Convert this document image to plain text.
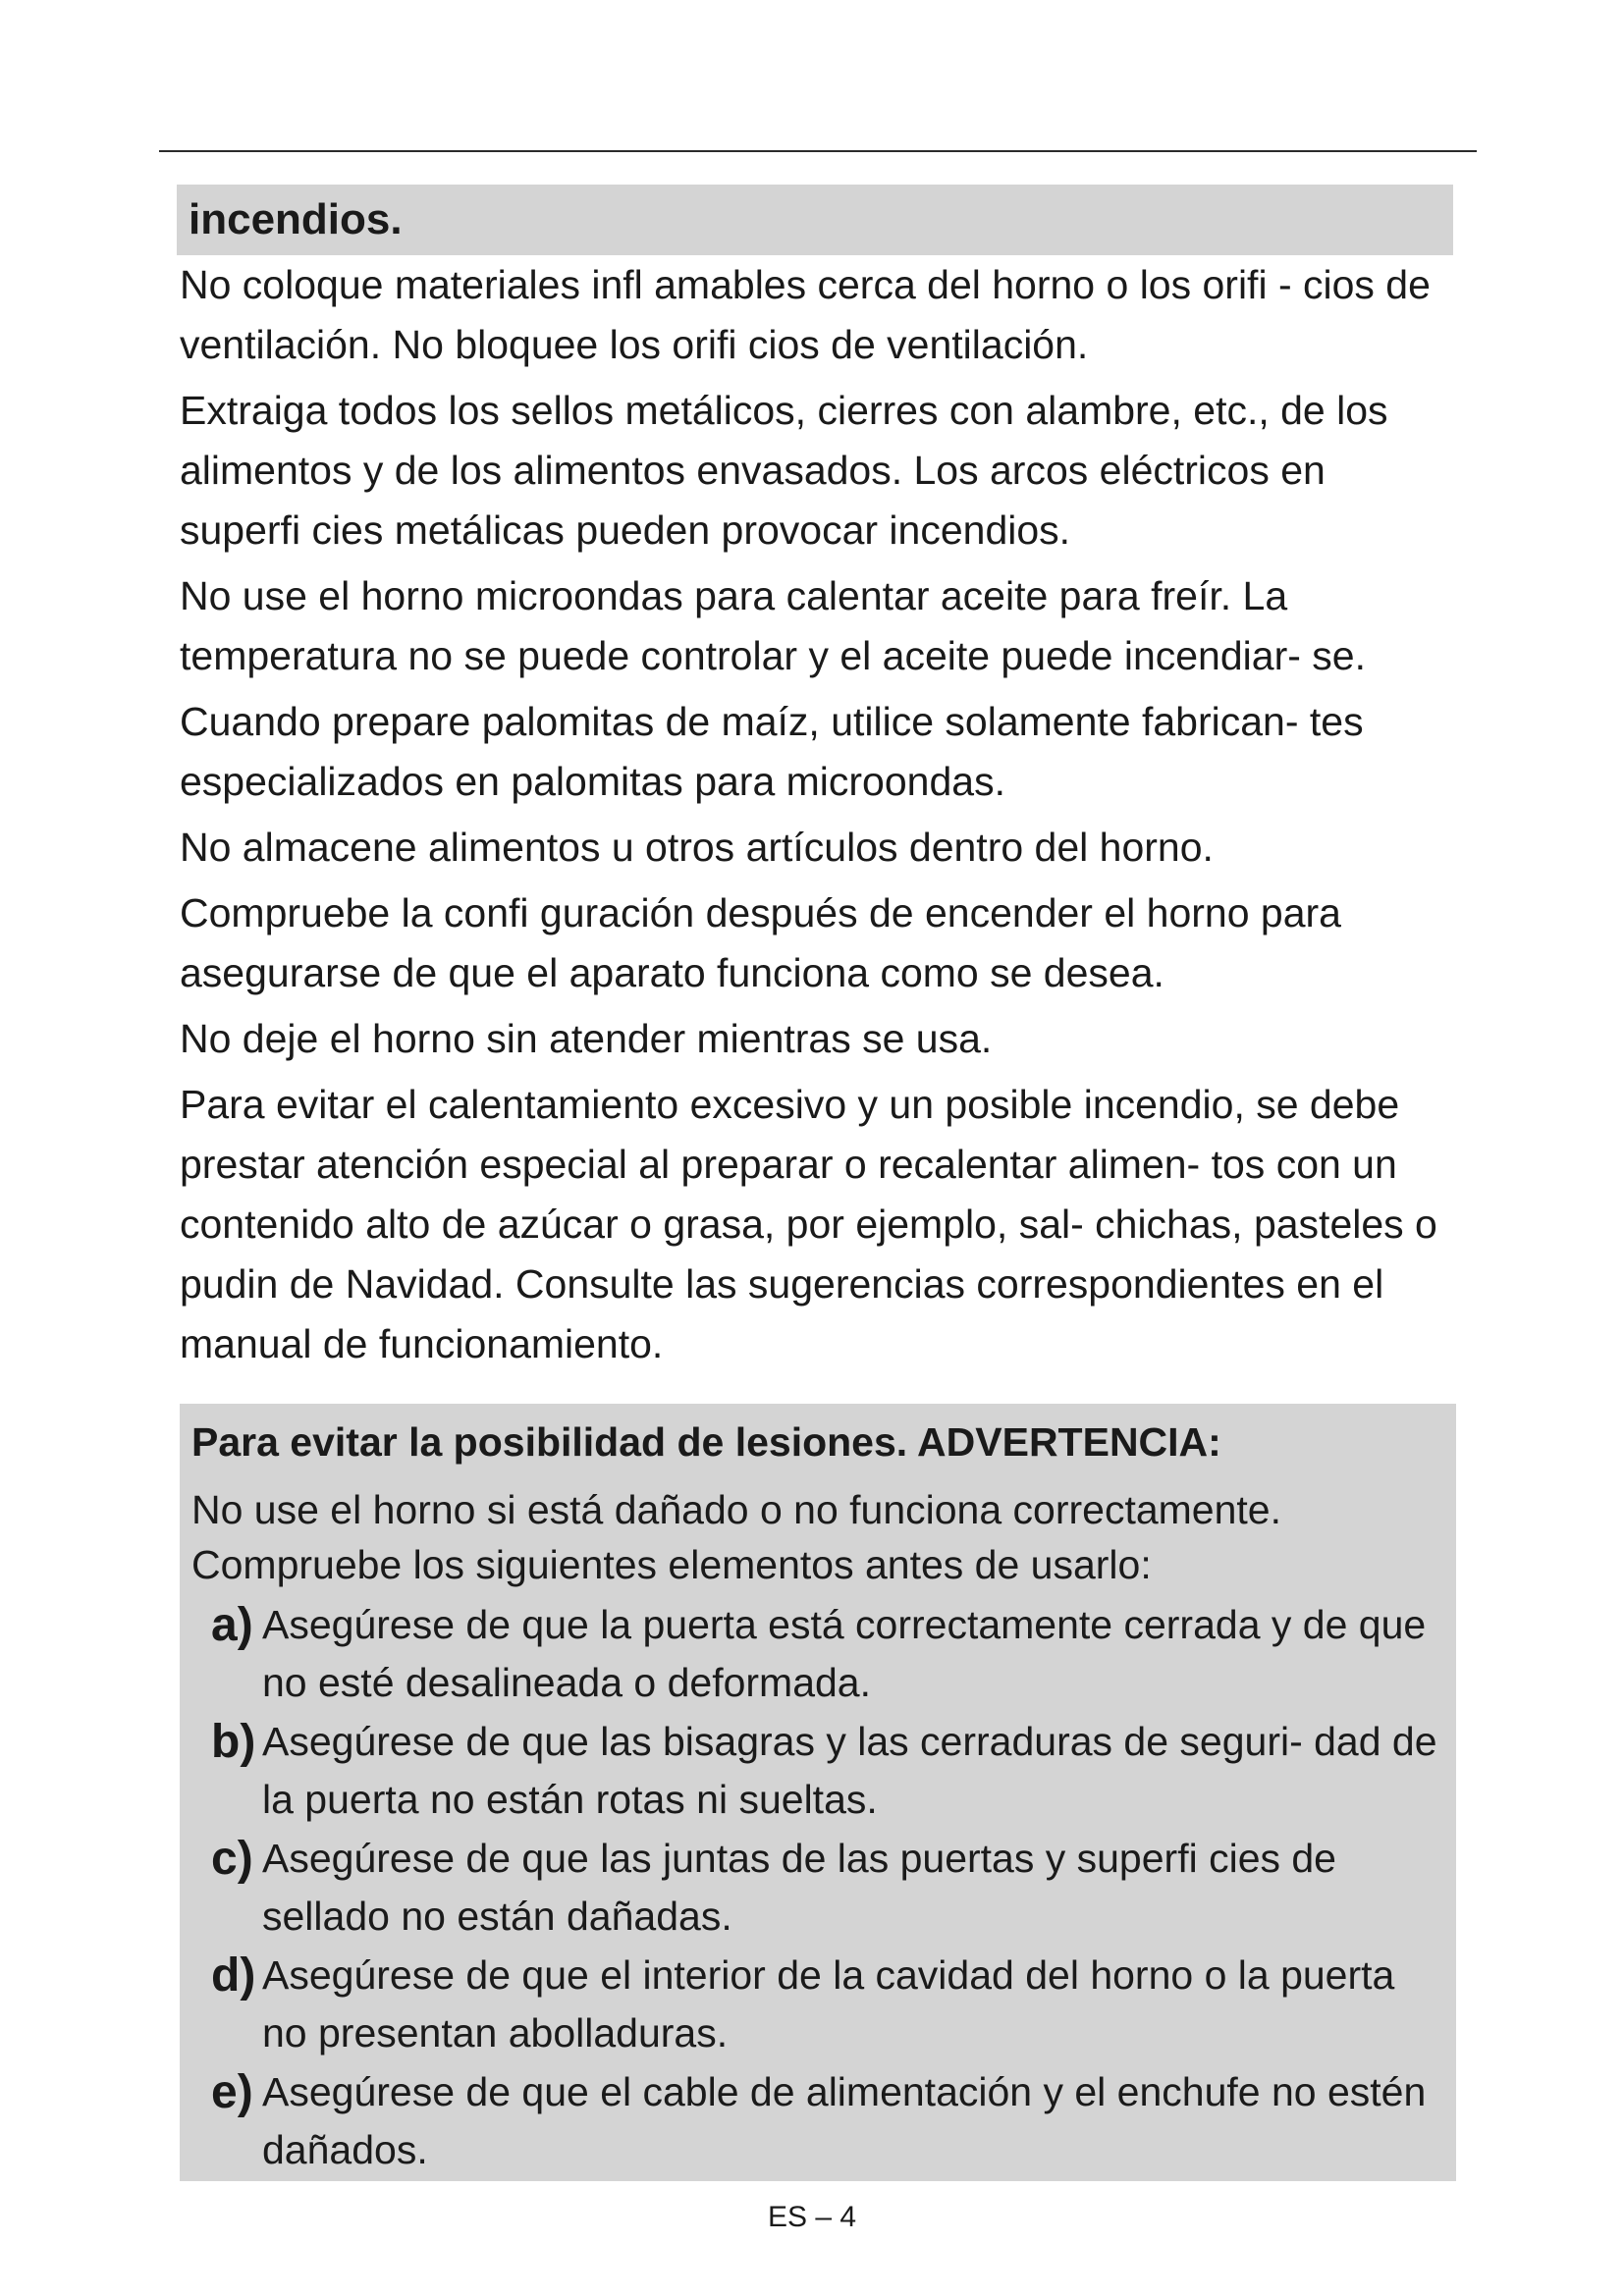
incendios.

No coloque materiales infl amables cerca del horno o los orifi - cios de ventilación. No bloquee los orifi cios de ventilación.

Extraiga todos los sellos metálicos, cierres con alambre, etc., de los alimentos y de los alimentos envasados. Los arcos eléctricos en superfi cies metálicas pueden provocar incendios.

No use el horno microondas para calentar aceite para freír. La temperatura no se puede controlar y el aceite puede incendiar- se.

Cuando prepare palomitas de maíz, utilice solamente fabrican- tes especializados en palomitas para microondas.

No almacene alimentos u otros artículos dentro del horno.

Compruebe la confi guración después de encender el horno para asegurarse de que el aparato funciona como se desea.

No deje el horno sin atender mientras se usa.

Para evitar el calentamiento excesivo y un posible incendio, se debe prestar atención especial al preparar o recalentar alimen- tos con un contenido alto de azúcar o grasa, por ejemplo, sal- chichas, pasteles o pudin de Navidad. Consulte las sugerencias correspondientes en el manual de funcionamiento.

Para evitar la posibilidad de lesiones. ADVERTENCIA:

No use el horno si está dañado o no funciona correctamente. Compruebe los siguientes elementos antes de usarlo:

a) Asegúrese de que la puerta está correctamente cerrada y de que no esté desalineada o deformada.
b) Asegúrese de que las bisagras y las cerraduras de seguri- dad de la puerta no están rotas ni sueltas.
c) Asegúrese de que las juntas de las puertas y superfi cies de sellado no están dañadas.
d) Asegúrese de que el interior de la cavidad del horno o la puerta no presentan abolladuras.
e) Asegúrese de que el cable de alimentación y el enchufe no estén dañados.
ES – 4
